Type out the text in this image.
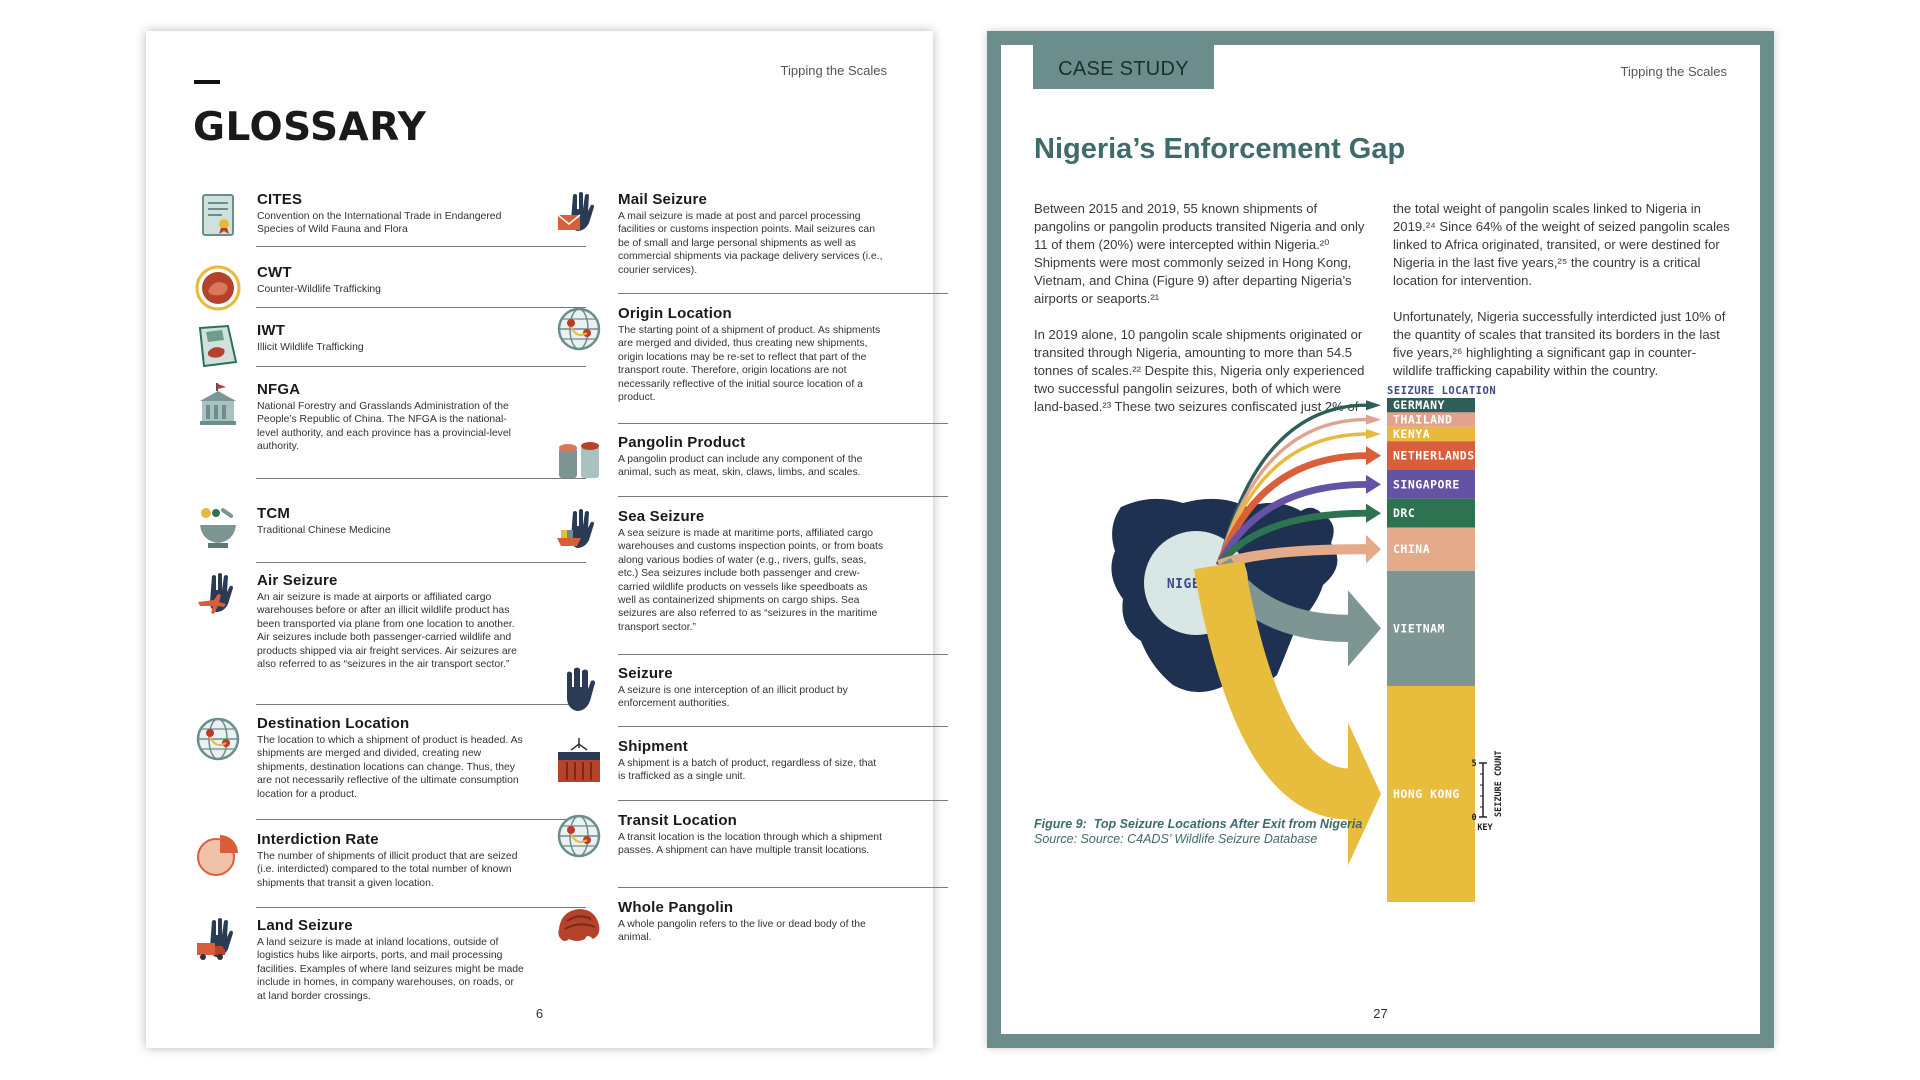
Tipping the Scales
GLOSSARY
CITES
Convention on the International Trade in Endangered Species of Wild Fauna and Flora
CWT
Counter-Wildlife Trafficking
IWT
Illicit Wildlife Trafficking
NFGA
National Forestry and Grasslands Administration of the People’s Republic of China. The NFGA is the national-level authority, and each province has a provincial-level authority.
TCM
Traditional Chinese Medicine
Air Seizure
An air seizure is made at airports or affiliated cargo warehouses before or after an illicit wildlife product has been transported via plane from one location to another. Air seizures include both passenger-carried wildlife and products shipped via air freight services. Air seizures are also referred to as “seizures in the air transport sector.”
Destination Location
The location to which a shipment of product is headed. As shipments are merged and divided, creating new shipments, destination locations can change. Thus, they are not necessarily reflective of the ultimate consumption location for a product.
Interdiction Rate
The number of shipments of illicit product that are seized (i.e. interdicted) compared to the total number of known shipments that transit a given location.
Land Seizure
A land seizure is made at inland locations, outside of logistics hubs like airports, ports, and mail processing facilities. Examples of where land seizures might be made include in homes, in company warehouses, on roads, or at land border crossings.
Mail Seizure
A mail seizure is made at post and parcel processing facilities or customs inspection points. Mail seizures can be of small and large personal shipments as well as commercial shipments via package delivery services (i.e., courier services).
Origin Location
The starting point of a shipment of product. As shipments are merged and divided, thus creating new shipments, origin locations may be re-set to reflect that part of the transport route. Therefore, origin locations are not necessarily reflective of the initial source location of a product.
Pangolin Product
A pangolin product can include any component of the animal, such as meat, skin, claws, limbs, and scales.
Sea Seizure
A sea seizure is made at maritime ports, affiliated cargo warehouses and customs inspection points, or from boats along various bodies of water (e.g., rivers, gulfs, seas, etc.) Sea seizures include both passenger and crew-carried wildlife products on vessels like speedboats as well as containerized shipments on cargo ships. Sea seizures are also referred to as “seizures in the maritime transport sector.”
Seizure
A seizure is one interception of an illicit product by enforcement authorities.
Shipment
A shipment is a batch of product, regardless of size, that is trafficked as a single unit.
Transit Location
A transit location is the location through which a shipment passes. A shipment can have multiple transit locations.
Whole Pangolin
A whole pangolin refers to the live or dead body of the animal.
6
CASE STUDY	Tipping the Scales
Nigeria’s Enforcement Gap

Between 2015 and 2019, 55 known shipments of pangolins or pangolin products transited Nigeria and only 11 of them (20%) were intercepted within Nigeria.²⁰ Shipments were most commonly seized in Hong Kong, Vietnam, and China (Figure 9) after departing Nigeria’s airports or seaports.²¹

In 2019 alone, 10 pangolin scale shipments originated or transited through Nigeria, amounting to more than 54.5 tonnes of scales.²² Despite this, Nigeria only experienced two successful pangolin seizures, both of which were land-based.²³ These two seizures confiscated just 2% of

the total weight of pangolin scales linked to Nigeria in 2019.²⁴ Since 64% of the weight of seized pangolin scales linked to Africa originated, transited, or were destined for Nigeria in the last five years,²⁵ the country is a critical location for intervention.

Unfortunately, Nigeria successfully interdicted just 10% of the quantity of scales that transited its borders in the last five years,²⁶ highlighting a significant gap in counter-wildlife trafficking capability within the country.

NIGERIA
GERMANY
THAILAND
KENYA
NETHERLANDS
SINGAPORE
DRC
CHINA
VIETNAM
HONG KONG
SEIZURE LOCATION
5
0
SEIZURE COUNT
KEY
Figure 9: Top Seizure Locations After Exit from Nigeria
Source: Source: C4ADS’ Wildlife Seizure Database
27
